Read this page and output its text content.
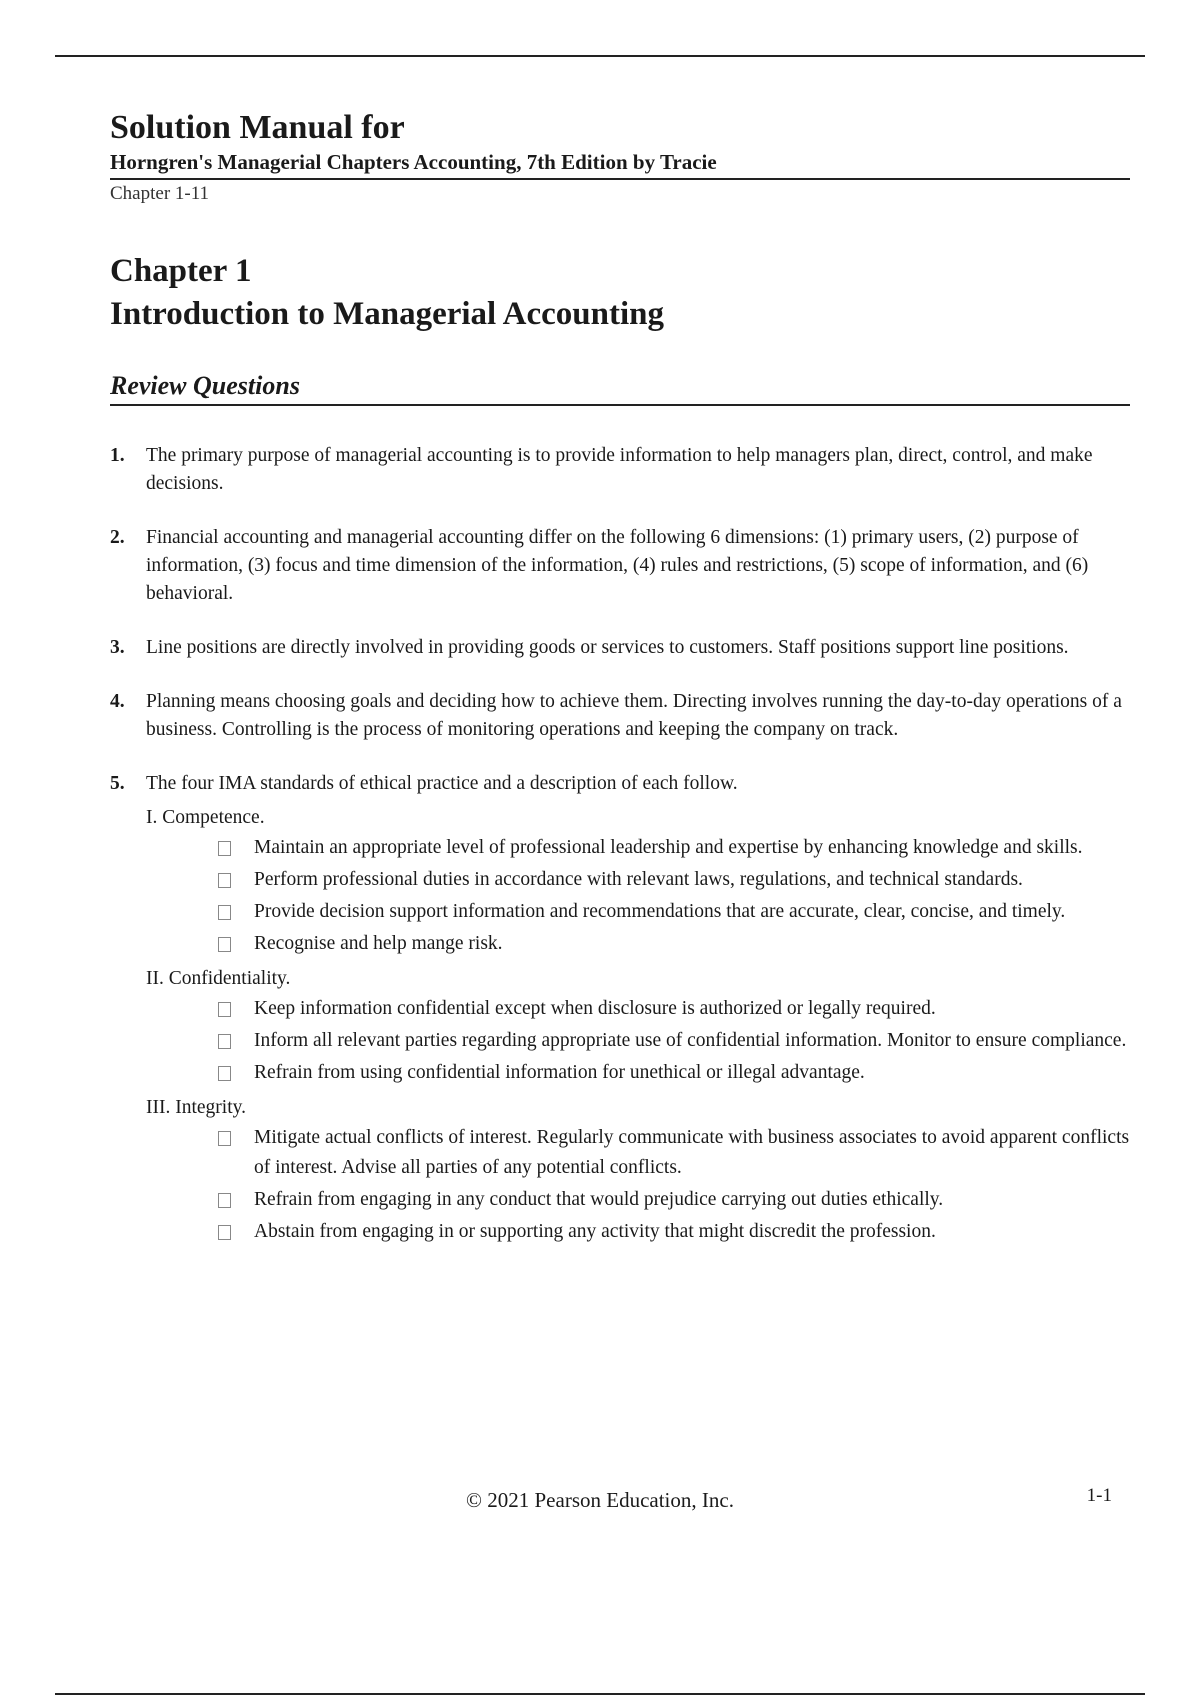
Solution Manual for
Horngren's Managerial Chapters Accounting, 7th Edition by Tracie
Chapter 1-11
Chapter 1
Introduction to Managerial Accounting
Review Questions
1. The primary purpose of managerial accounting is to provide information to help managers plan, direct, control, and make decisions.
2. Financial accounting and managerial accounting differ on the following 6 dimensions: (1) primary users, (2) purpose of information, (3) focus and time dimension of the information, (4) rules and restrictions, (5) scope of information, and (6) behavioral.
3. Line positions are directly involved in providing goods or services to customers. Staff positions support line positions.
4. Planning means choosing goals and deciding how to achieve them. Directing involves running the day-to-day operations of a business. Controlling is the process of monitoring operations and keeping the company on track.
5. The four IMA standards of ethical practice and a description of each follow.
I. Competence.
Maintain an appropriate level of professional leadership and expertise by enhancing knowledge and skills.
Perform professional duties in accordance with relevant laws, regulations, and technical standards.
Provide decision support information and recommendations that are accurate, clear, concise, and timely.
Recognise and help mange risk.
II. Confidentiality.
Keep information confidential except when disclosure is authorized or legally required.
Inform all relevant parties regarding appropriate use of confidential information. Monitor to ensure compliance.
Refrain from using confidential information for unethical or illegal advantage.
III. Integrity.
Mitigate actual conflicts of interest. Regularly communicate with business associates to avoid apparent conflicts of interest. Advise all parties of any potential conflicts.
Refrain from engaging in any conduct that would prejudice carrying out duties ethically.
Abstain from engaging in or supporting any activity that might discredit the profession.
© 2021 Pearson Education, Inc.	1-1
